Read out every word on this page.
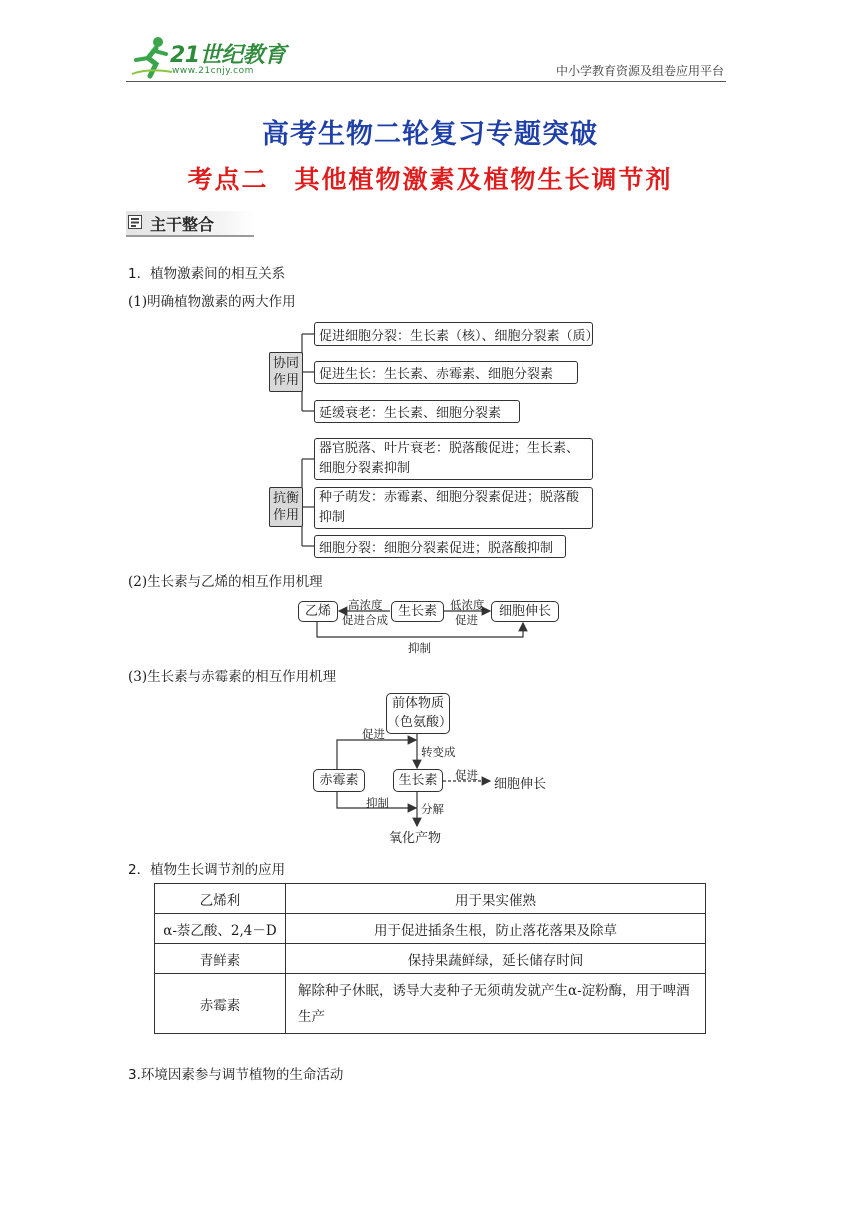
21世纪教育
www.21cnjy.com	中小学教育资源及组卷应用平台
高考生物二轮复习专题突破
考点二 其他植物激素及植物生长调节剂
主干整合
1．植物激素间的相互关系
(1)明确植物激素的两大作用
协同
作用
促进细胞分裂：生长素（核）、细胞分裂素（质）
促进生长：生长素、赤霉素、细胞分裂素
延缓衰老：生长素、细胞分裂素
抗衡
作用
器官脱落、叶片衰老：脱落酸促进；生长素、细胞分裂素抑制
种子萌发：赤霉素、细胞分裂素促进；脱落酸抑制
细胞分裂：细胞分裂素促进；脱落酸抑制
(2)生长素与乙烯的相互作用机理
乙烯	生长素	细胞伸长
高浓度
促进合成
低浓度
促进
抑制
(3)生长素与赤霉素的相互作用机理
前体物质
（色氨酸）
赤霉素	生长素	细胞伸长
促进
转变成
促进
抑制	分解
氧化产物
2．植物生长调节剂的应用
乙烯利	用于果实催熟
α-萘乙酸、2,4－D	用于促进插条生根，防止落花落果及除草
青鲜素	保持果蔬鲜绿，延长储存时间
赤霉素	解除种子休眠，诱导大麦种子无须萌发就产生α-淀粉酶，用于啤酒生产
3.环境因素参与调节植物的生命活动
